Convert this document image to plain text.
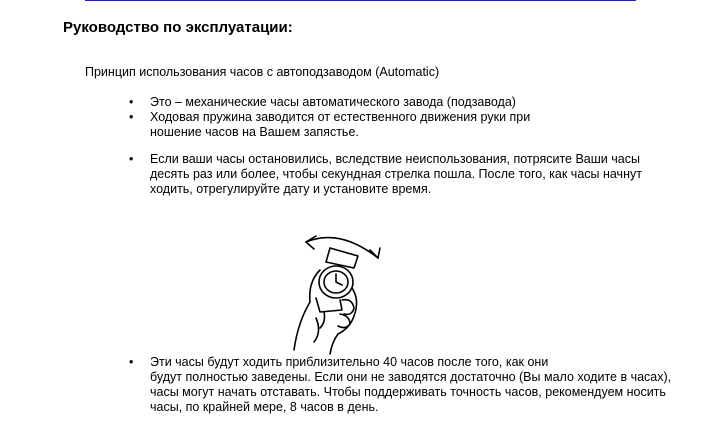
Руководство по эксплуатации:
Принцип использования часов с автоподзаводом (Automatic)
• Это – механические часы автоматического завода (подзавода)
• Ходовая пружина заводится от естественного движения руки при
ношение часов на Вашем запястье.
• Если ваши часы остановились, вследствие неиспользования, потрясите Ваши часы
десять раз или более, чтобы секундная стрелка пошла. После того, как часы начнут
ходить, отрегулируйте дату и установите время.
• Эти часы будут ходить приблизительно 40 часов после того, как они
будут полностью заведены. Если они не заводятся достаточно (Вы мало ходите в часах),
часы могут начать отставать. Чтобы поддерживать точность часов, рекомендуем носить
часы, по крайней мере, 8 часов в день.
